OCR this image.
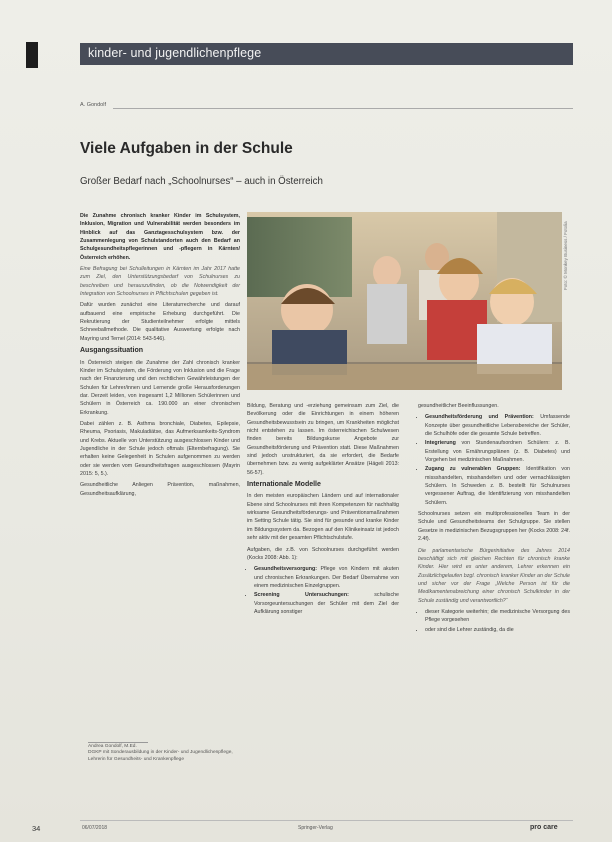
kinder- und jugendlichenpflege
A. Gondolf
Viele Aufgaben in der Schule
Großer Bedarf nach „Schoolnurses“ – auch in Österreich

Die Zunahme chronisch kranker Kinder im Schulsystem, Inklusion, Migration und Vulnerabilität werden besonders im Hinblick auf das Ganztagesschulsystem bzw. der Zusammenlegung von Schulstandorten auch den Bedarf an Schulgesundheitspflegerinnen und -pflegern in Kärnten/Österreich erhöhen.

Eine Befragung bei Schulleitungen in Kärnten im Jahr 2017 hatte zum Ziel, den Unterstützungsbedarf von Schulnurses zu beschreiben und herauszufinden, ob die Notwendigkeit der Integration von Schoolnurses in Pflichtschulen gegeben ist.

Dafür wurden zunächst eine Literaturrecherche und darauf aufbauend eine empirische Erhebung durchgeführt. Die Rekrutierung der Studienteilnehmer erfolgte mittels Schneeballmethode. Die qualitative Auswertung erfolgte nach Mayring und Ternel (2014: 543-546).

Ausgangssituation

In Österreich steigen die Zunahme der Zahl chronisch kranker Kinder im Schulsystem, die Förderung von Inklusion und die Frage nach der Finanzierung und den rechtlichen Gewährleistungen der Schulen für Lehrer/innen und Lernende große Herausforderungen dar. Derzeit leiden, von insgesamt 1,2 Millionen Schülerinnen und Schülern in Österreich ca. 190.000 an einer chronischen Erkrankung.

Dabei zählen z. B. Asthma bronchiale, Diabetes, Epilepsie, Rheuma, Psoriasis, Makuladiätse, das Aufmerksamkeits-Syndrom und Krebs. Aktuelle von Unterstützung ausgeschlossen Kinder und Jugendliche in der Schule jedoch oftmals (Elternbefragung). Sie erhalten keine Gelegenheit in Schulen aufgenommen zu werden oder sie werden vom Gesundheitsfragen ausgeschlossen (Mayrin 2015: 5, 5.).

Gesundheitliche Anliegen Prävention, maßnahmen, Gesundheitsaufklärung,

Foto: © Monkey Business / Fotolia

Bildung, Beratung und -erziehung gemeinsam zum Ziel, die Bevölkerung oder die Einrichtungen in einem höheren Gesundheitsbewusstsein zu bringen, um Krankheiten möglichst nicht entstehen zu lassen. Im österreichischen Schulwesen finden bereits Bildungskurse Angebote zur Gesundheitsförderung und Prävention statt. Diese Maßnahmen sind jedoch unstrukturiert, da sie erfordert, die Bedarfe übernehmen bzw. zu wenig aufgeklärter Ansätze (Hägeli 2013: 56-57).

Internationale Modelle

In den meisten europäischen Ländern und auf internationaler Ebene sind Schoolnurses mit ihren Kompetenzen für nachhaltig wirksame Gesundheitsförderungs- und Präventionsmaßnahmen im Setting Schule tätig. Sie sind für gesunde und kranke Kinder im Bildungssystem da. Bezogen auf den Klinikeinsatz ist jedoch sehr aktiv mit der gesamten Pflichtschulstufe.

Aufgaben, die z.B. von Schoolnurses durchgeführt werden (Kocks 2008: Abb. 1):

• Gesundheitsversorgung: Pflege von Kindern mit akuten und chronischen Erkrankungen. Der Bedarf Übernahme von einem medizinischen Einzelgruppen.
• Screening Untersuchungen:	schulische Vorsorgeuntersuchungen der Schüler mit dem Ziel der Aufklärung sonstiger

gesundheitlicher Beeinflussungen.

• Gesundheitsförderung und Prävention: Umfassende Konzepte über gesundheitliche Lebensbereiche der Schüler, die Schulhöfe oder die gesamte Schule betreffen.
• Integrierung von Stundenaufsordnen Schülern: z. B. Erstellung von Ernährungsplänen (z. B. Diabetes) und Vorgehen bei medizinischen Maßnahmen.
• Zugang zu vulnerablen Gruppen: Identifikation von missshandelten, misshandelten und oder vernachlässigten Schülern. In Schweden z. B. bestellt für Schulnurses vergessener Auftrag, die Identifizierung von misshandelten Schülern.

Schoolnurses setzen ein multiprofessionelles Team in der Schule und Gesundheitsteams der Schulgruppe. Sie stellen Gesetze in medizinischen Bezugsgruppen her (Kocks 2008: 24f. 2.4f).

Die parlamentarische Bürgerinitiative des Jahres 2014 beschäftigt sich mit gleichen Rechten für chronisch kranke Kinder. Hier wird es unter anderem, Lehrer erkennen ein Zusätzlichgelaufen bzgl. chronisch kranker Kinder an der Schule und sicher vor der Frage „Welche Person ist für die Medikamentenabreichung einer chronisch Schulkinder in der Schule zuständig und verantwortlich?“

• dieser Kategorie weiterhin; die medizinische Versorgung des Pflege vorgesehen
• oder sind die Lehrer zuständig, da die
Andrea Gondolf, M.Ed.
DGKP mit Sonderausbildung in der Kinder- und Jugendlichenpflege, Lehrerin für Gesundheits- und Krankenpflege
34	06/07/2018	Springer-Verlag	pro care
